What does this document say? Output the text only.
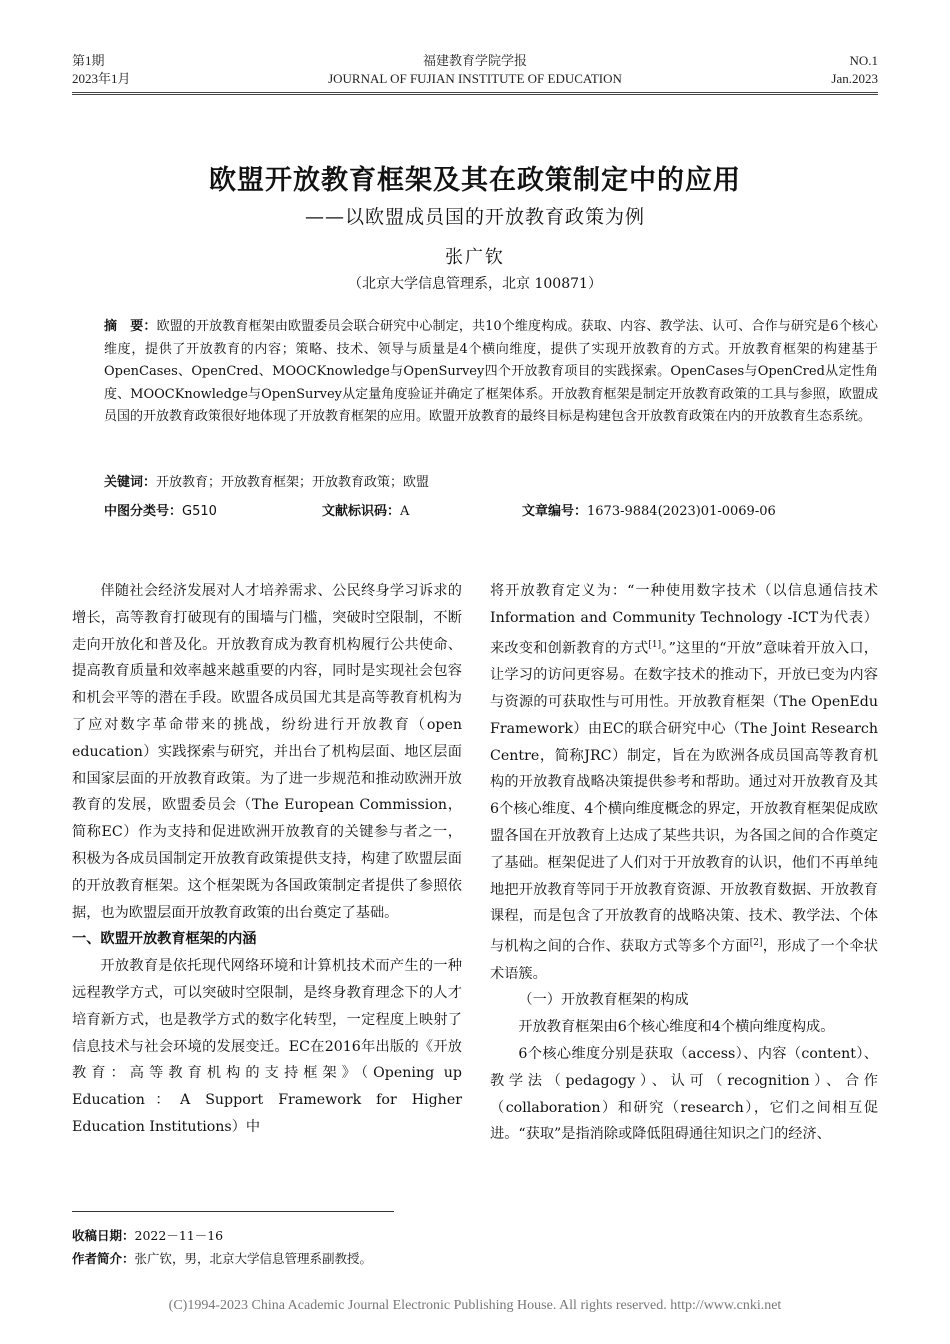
第1期
2023年1月
福建教育学院学报
JOURNAL OF FUJIAN INSTITUTE OF EDUCATION
NO.1
Jan.2023
欧盟开放教育框架及其在政策制定中的应用
——以欧盟成员国的开放教育政策为例
张广钦
（北京大学信息管理系，北京 100871）
摘　要：欧盟的开放教育框架由欧盟委员会联合研究中心制定，共10个维度构成。获取、内容、教学法、认可、合作与研究是6个核心维度，提供了开放教育的内容；策略、技术、领导与质量是4个横向维度，提供了实现开放教育的方式。开放教育框架的构建基于OpenCases、OpenCred、MOOCKnowledge与OpenSurvey四个开放教育项目的实践探索。OpenCases与OpenCred从定性角度、MOOCKnowledge与OpenSurvey从定量角度验证并确定了框架体系。开放教育框架是制定开放教育政策的工具与参照，欧盟成员国的开放教育政策很好地体现了开放教育框架的应用。欧盟开放教育的最终目标是构建包含开放教育政策在内的开放教育生态系统。
关键词：开放教育；开放教育框架；开放教育政策；欧盟
中图分类号：G510	文献标识码：A	文章编号：1673-9884(2023)01-0069-06

伴随社会经济发展对人才培养需求、公民终身学习诉求的增长，高等教育打破现有的围墙与门槛，突破时空限制，不断走向开放化和普及化。开放教育成为教育机构履行公共使命、提高教育质量和效率越来越重要的内容，同时是实现社会包容和机会平等的潜在手段。欧盟各成员国尤其是高等教育机构为了应对数字革命带来的挑战，纷纷进行开放教育（open education）实践探索与研究，并出台了机构层面、地区层面和国家层面的开放教育政策。为了进一步规范和推动欧洲开放教育的发展，欧盟委员会（The European Commission，简称EC）作为支持和促进欧洲开放教育的关键参与者之一，积极为各成员国制定开放教育政策提供支持，构建了欧盟层面的开放教育框架。这个框架既为各国政策制定者提供了参照依据，也为欧盟层面开放教育政策的出台奠定了基础。

一、欧盟开放教育框架的内涵

开放教育是依托现代网络环境和计算机技术而产生的一种远程教学方式，可以突破时空限制，是终身教育理念下的人才培育新方式，也是教学方式的数字化转型，一定程度上映射了信息技术与社会环境的发展变迁。EC在2016年出版的《开放教育：高等教育机构的支持框架》（Opening up Education：A Support Framework for Higher Education Institutions）中

将开放教育定义为：“一种使用数字技术（以信息通信技术Information and Community Technology -ICT为代表）来改变和创新教育的方式[1]。”这里的“开放”意味着开放入口，让学习的访问更容易。在数字技术的推动下，开放已变为内容与资源的可获取性与可用性。开放教育框架（The OpenEdu Framework）由EC的联合研究中心（The Joint Research Centre，简称JRC）制定，旨在为欧洲各成员国高等教育机构的开放教育战略决策提供参考和帮助。通过对开放教育及其6个核心维度、4个横向维度概念的界定，开放教育框架促成欧盟各国在开放教育上达成了某些共识，为各国之间的合作奠定了基础。框架促进了人们对于开放教育的认识，他们不再单纯地把开放教育等同于开放教育资源、开放教育数据、开放教育课程，而是包含了开放教育的战略决策、技术、教学法、个体与机构之间的合作、获取方式等多个方面[2]，形成了一个伞状术语簇。

（一）开放教育框架的构成

开放教育框架由6个核心维度和4个横向维度构成。

6个核心维度分别是获取（access）、内容（content）、教学法（pedagogy）、认可（recognition）、合作（collaboration）和研究（research），它们之间相互促进。“获取”是指消除或降低阻碍通往知识之门的经济、

收稿日期：2022－11－16
作者简介：张广钦，男，北京大学信息管理系副教授。
(C)1994-2023 China Academic Journal Electronic Publishing House. All rights reserved. http://www.cnki.net
